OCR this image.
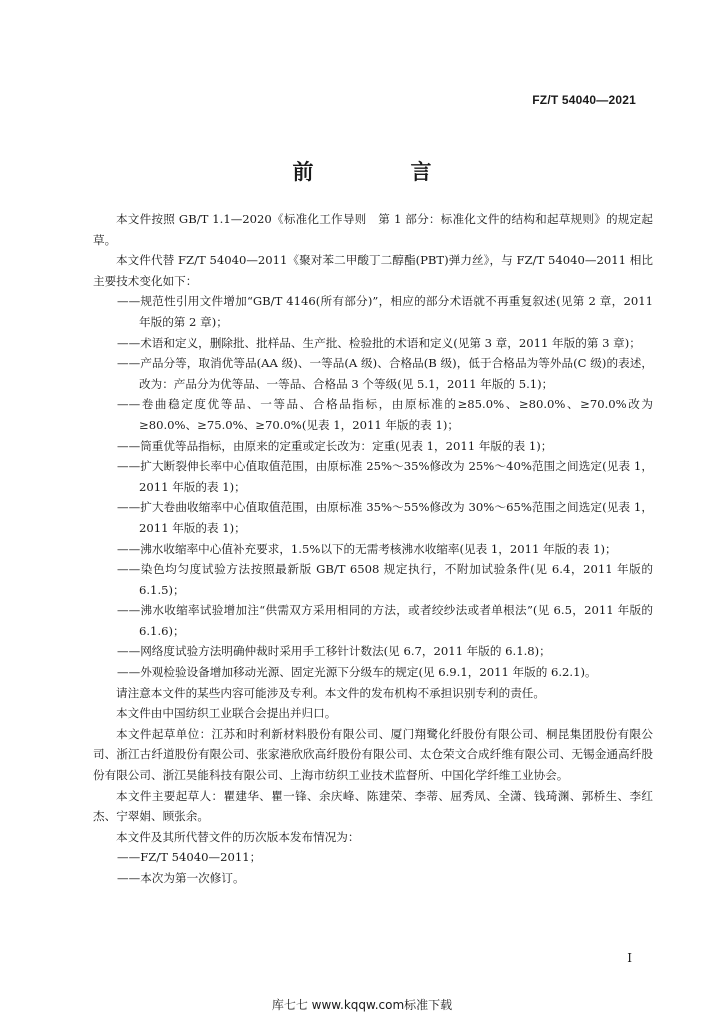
FZ/T 54040—2021
前　言
本文件按照 GB/T 1.1—2020《标准化工作导则　第 1 部分：标准化文件的结构和起草规则》的规定起草。
本文件代替 FZ/T 54040—2011《聚对苯二甲酸丁二醇酯(PBT)弹力丝》，与 FZ/T 54040—2011 相比主要技术变化如下：
——规范性引用文件增加“GB/T 4146(所有部分)”，相应的部分术语就不再重复叙述(见第 2 章，2011 年版的第 2 章)；
——术语和定义，删除批、批样品、生产批、检验批的术语和定义(见第 3 章，2011 年版的第 3 章)；
——产品分等，取消优等品(AA 级)、一等品(A 级)、合格品(B 级)，低于合格品为等外品(C 级)的表述，改为：产品分为优等品、一等品、合格品 3 个等级(见 5.1，2011 年版的 5.1)；
——卷曲稳定度优等品、一等品、合格品指标，由原标准的≥85.0%、≥80.0%、≥70.0%改为≥80.0%、≥75.0%、≥70.0%(见表 1，2011 年版的表 1)；
——筒重优等品指标，由原来的定重或定长改为：定重(见表 1，2011 年版的表 1)；
——扩大断裂伸长率中心值取值范围，由原标准 25%～35%修改为 25%～40%范围之间选定(见表 1，2011 年版的表 1)；
——扩大卷曲收缩率中心值取值范围，由原标准 35%～55%修改为 30%～65%范围之间选定(见表 1，2011 年版的表 1)；
——沸水收缩率中心值补充要求，1.5%以下的无需考核沸水收缩率(见表 1，2011 年版的表 1)；
——染色均匀度试验方法按照最新版 GB/T 6508 规定执行，不附加试验条件(见 6.4，2011 年版的 6.1.5)；
——沸水收缩率试验增加注“供需双方采用相同的方法，或者绞纱法或者单根法”(见 6.5，2011 年版的 6.1.6)；
——网络度试验方法明确仲裁时采用手工移针计数法(见 6.7，2011 年版的 6.1.8)；
——外观检验设备增加移动光源、固定光源下分级车的规定(见 6.9.1，2011 年版的 6.2.1)。
请注意本文件的某些内容可能涉及专利。本文件的发布机构不承担识别专利的责任。
本文件由中国纺织工业联合会提出并归口。
本文件起草单位：江苏和时利新材料股份有限公司、厦门翔鹭化纤股份有限公司、桐昆集团股份有限公司、浙江古纤道股份有限公司、张家港欣欣高纤股份有限公司、太仓荣文合成纤维有限公司、无锡金通高纤股份有限公司、浙江昊能科技有限公司、上海市纺织工业技术监督所、中国化学纤维工业协会。
本文件主要起草人：瞿建华、瞿一锋、余庆峰、陈建荣、李蒂、屈秀凤、全潇、钱琦渊、郭桥生、李红杰、宁翠娟、顾张余。
本文件及其所代替文件的历次版本发布情况为：
——FZ/T 54040—2011；
——本次为第一次修订。
I
库七七 www.kqqw.com标准下载
